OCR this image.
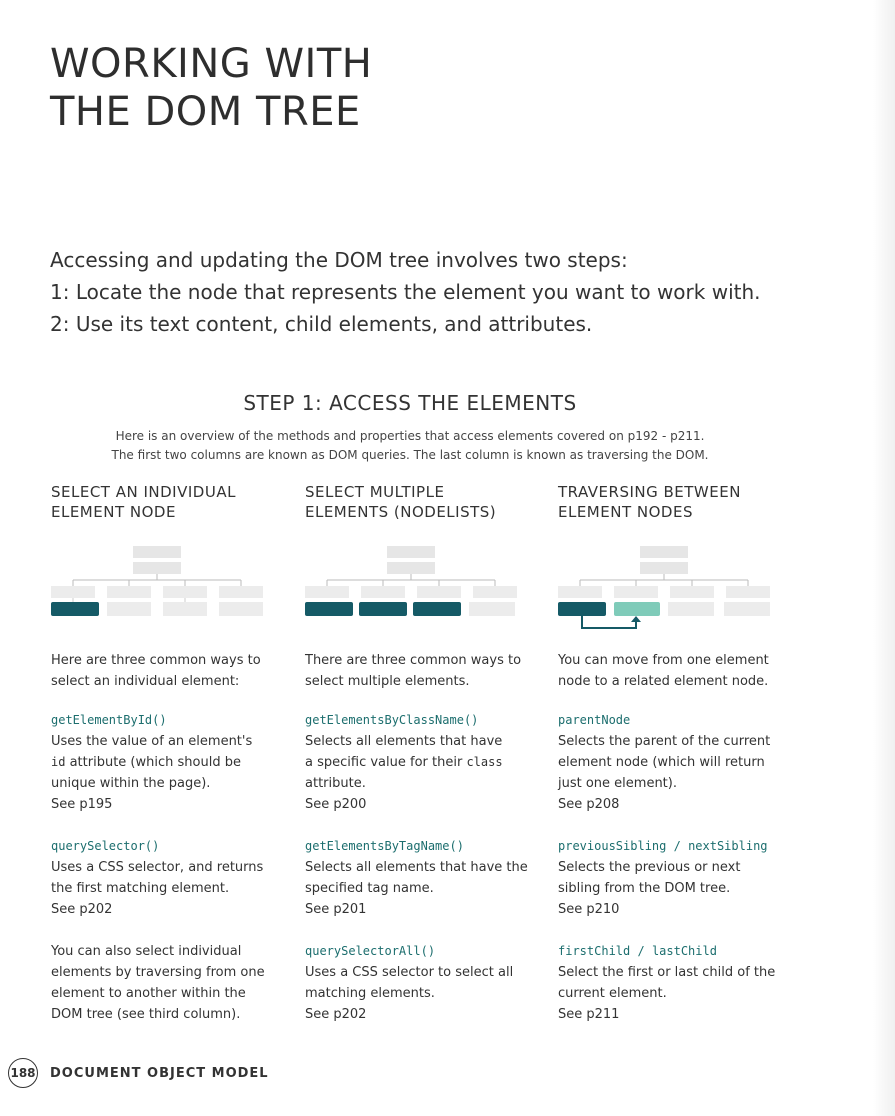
WORKING WITH
THE DOM TREE
Accessing and updating the DOM tree involves two steps:
1: Locate the node that represents the element you want to work with.
2: Use its text content, child elements, and attributes.
STEP 1: ACCESS THE ELEMENTS
Here is an overview of the methods and properties that access elements covered on p192 - p211.
The first two columns are known as DOM queries. The last column is known as traversing the DOM.
SELECT AN INDIVIDUAL
ELEMENT NODE
Here are three common ways to
select an individual element:
getElementById()
Uses the value of an element's
id attribute (which should be
unique within the page).
See p195
querySelector()
Uses a CSS selector, and returns
the first matching element.
See p202
You can also select individual
elements by traversing from one
element to another within the
DOM tree (see third column).
SELECT MULTIPLE
ELEMENTS (NODELISTS)
There are three common ways to
select multiple elements.
getElementsByClassName()
Selects all elements that have
a specific value for their class
attribute.
See p200
getElementsByTagName()
Selects all elements that have the
specified tag name.
See p201
querySelectorAll()
Uses a CSS selector to select all
matching elements.
See p202
TRAVERSING BETWEEN
ELEMENT NODES
You can move from one element
node to a related element node.
parentNode
Selects the parent of the current
element node (which will return
just one element).
See p208
previousSibling / nextSibling
Selects the previous or next
sibling from the DOM tree.
See p210
firstChild / lastChild
Select the first or last child of the
current element.
See p211
188 DOCUMENT OBJECT MODEL
